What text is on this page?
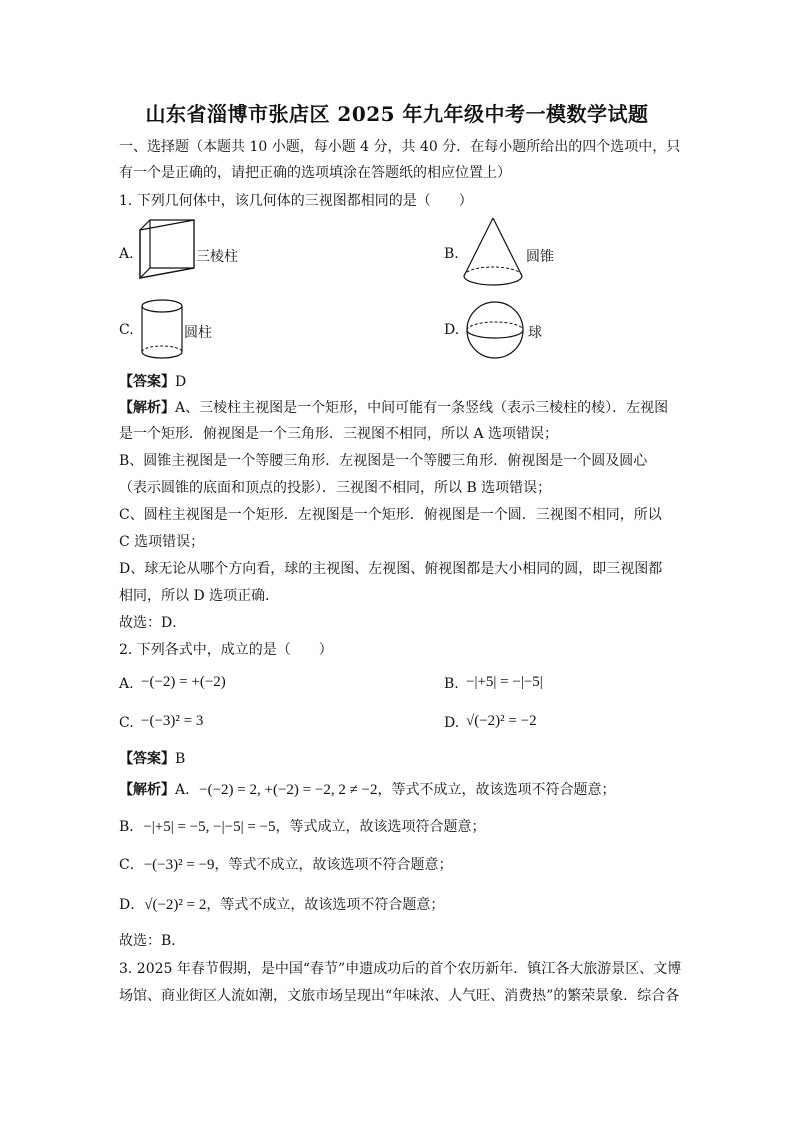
山东省淄博市张店区 2025 年九年级中考一模数学试题
一、选择题（本题共 10 小题，每小题 4 分，共 40 分．在每小题所给出的四个选项中，只
有一个是正确的，请把正确的选项填涂在答题纸的相应位置上）
1. 下列几何体中，该几何体的三视图都相同的是（　　）
A.	三棱柱	B.	圆锥
C.	圆柱	D.	球
【答案】D
【解析】A、三棱柱主视图是一个矩形，中间可能有一条竖线（表示三棱柱的棱）．左视图
是一个矩形．俯视图是一个三角形．三视图不相同，所以 A 选项错误；
B、圆锥主视图是一个等腰三角形．左视图是一个等腰三角形．俯视图是一个圆及圆心
（表示圆锥的底面和顶点的投影）．三视图不相同，所以 B 选项错误；
C、圆柱主视图是一个矩形．左视图是一个矩形．俯视图是一个圆．三视图不相同，所以
C 选项错误；
D、球无论从哪个方向看，球的主视图、左视图、俯视图都是大小相同的圆，即三视图都
相同，所以 D 选项正确．
故选：D．
2. 下列各式中，成立的是（　　）
A. −(−2) = +(−2)	B. −|+5| = −|−5|
C. −(−3)² = 3	D. √(−2)² = −2
【答案】B
【解析】A．−(−2) = 2, +(−2) = −2, 2 ≠ −2，等式不成立，故该选项不符合题意；
B．−|+5| = −5, −|−5| = −5，等式成立，故该选项符合题意；
C．−(−3)² = −9，等式不成立，故该选项不符合题意；
D．√(−2)² = 2，等式不成立，故该选项不符合题意；
故选：B．
3. 2025 年春节假期，是中国“春节”申遗成功后的首个农历新年．镇江各大旅游景区、文博
场馆、商业街区人流如潮，文旅市场呈现出“年味浓、人气旺、消费热”的繁荣景象．综合各
